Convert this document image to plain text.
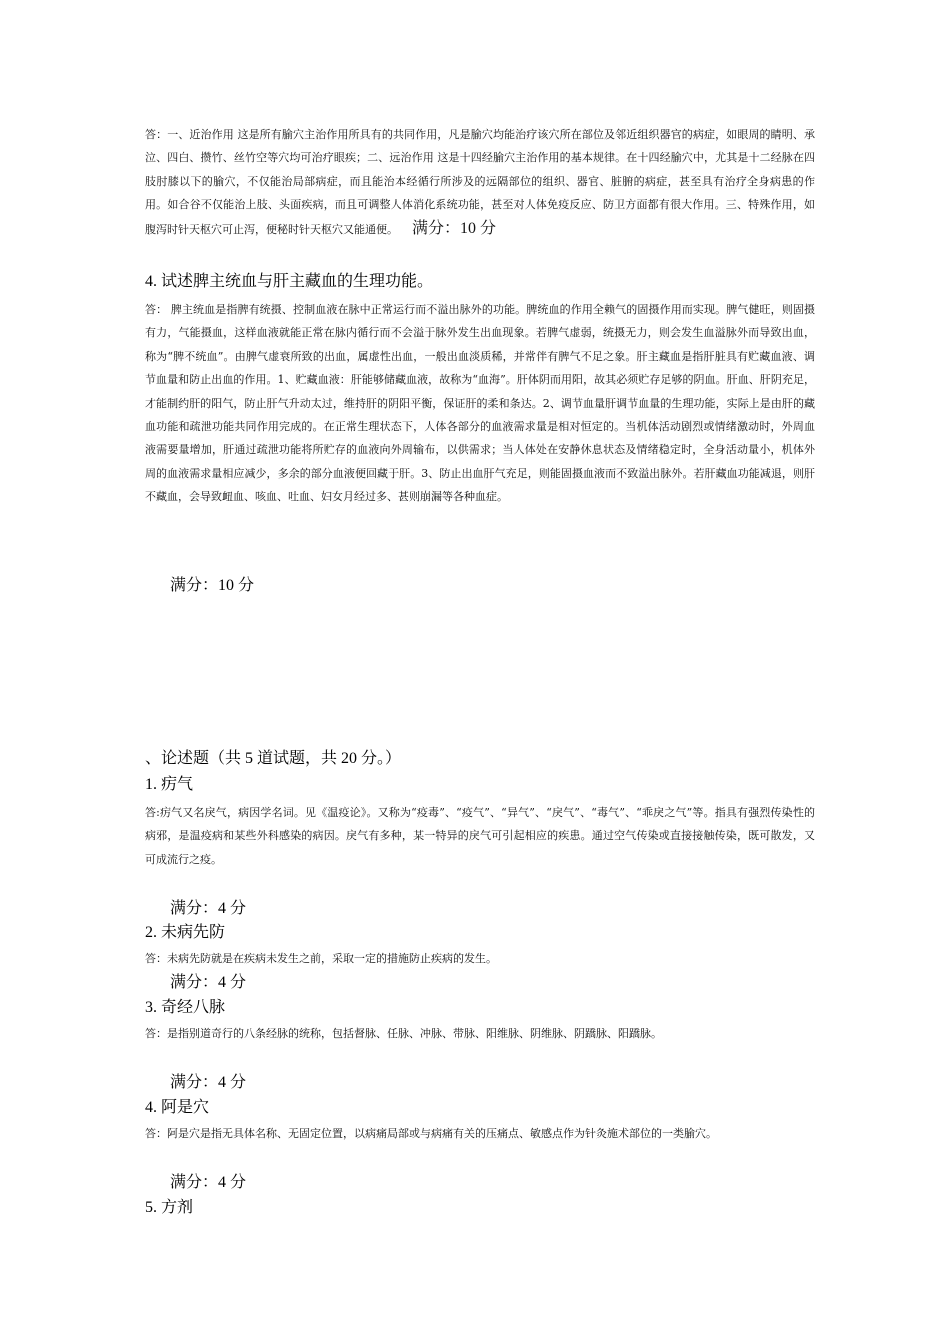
答：一、近治作用 这是所有腧穴主治作用所具有的共同作用，凡是腧穴均能治疗该穴所在部位及邻近组织器官的病症，如眼周的睛明、承泣、四白、攒竹、丝竹空等穴均可治疗眼疾；二、远治作用 这是十四经腧穴主治作用的基本规律。在十四经腧穴中，尤其是十二经脉在四肢肘膝以下的腧穴，不仅能治局部病症，而且能治本经循行所涉及的远隔部位的组织、器官、脏腑的病症，甚至具有治疗全身病患的作用。如合谷不仅能治上肢、头面疾病，而且可调整人体消化系统功能，甚至对人体免疫反应、防卫方面都有很大作用。三、特殊作用，如腹泻时针天枢穴可止泻，便秘时针天枢穴又能通便。 满分：10 分

4. 试述脾主统血与肝主藏血的生理功能。

答： 脾主统血是指脾有统摄、控制血液在脉中正常运行而不溢出脉外的功能。脾统血的作用全赖气的固摄作用而实现。脾气健旺，则固摄有力，气能摄血，这样血液就能正常在脉内循行而不会溢于脉外发生出血现象。若脾气虚弱，统摄无力，则会发生血溢脉外而导致出血，称为“脾不统血”。由脾气虚衰所致的出血，属虚性出血，一般出血淡质稀，并常伴有脾气不足之象。肝主藏血是指肝脏具有贮藏血液、调节血量和防止出血的作用。1、贮藏血液：肝能够储藏血液，故称为“血海”。肝体阴而用阳，故其必须贮存足够的阴血。肝血、肝阴充足，才能制约肝的阳气，防止肝气升动太过，维持肝的阴阳平衡，保证肝的柔和条达。2、调节血量肝调节血量的生理功能，实际上是由肝的藏血功能和疏泄功能共同作用完成的。在正常生理状态下，人体各部分的血液需求量是相对恒定的。当机体活动剧烈或情绪激动时，外周血液需要量增加，肝通过疏泄功能将所贮存的血液向外周输布，以供需求；当人体处在安静休息状态及情绪稳定时，全身活动量小，机体外周的血液需求量相应减少，多余的部分血液便回藏于肝。3、防止出血肝气充足，则能固摄血液而不致溢出脉外。若肝藏血功能减退，则肝不藏血，会导致衄血、咳血、吐血、妇女月经过多、甚则崩漏等各种血症。

满分：10 分

、论述题（共 5 道试题，共 20 分。）

1. 疠气

答:疠气又名戾气，病因学名词。见《温疫论》。又称为“疫毒”、“疫气”、“异气”、“戾气”、“毒气”、“乖戾之气”等。指具有强烈传染性的病邪，是温疫病和某些外科感染的病因。戾气有多种，某一特异的戾气可引起相应的疾患。通过空气传染或直接接触传染，既可散发，又可成流行之疫。

满分：4 分

2. 未病先防

答：未病先防就是在疾病未发生之前，采取一定的措施防止疾病的发生。

满分：4 分

3. 奇经八脉

答：是指别道奇行的八条经脉的统称，包括督脉、任脉、冲脉、带脉、阳维脉、阴维脉、阴蹻脉、阳蹻脉。

满分：4 分

4. 阿是穴

答：阿是穴是指无具体名称、无固定位置，以病痛局部或与病痛有关的压痛点、敏感点作为针灸施术部位的一类腧穴。

满分：4 分

5. 方剂
